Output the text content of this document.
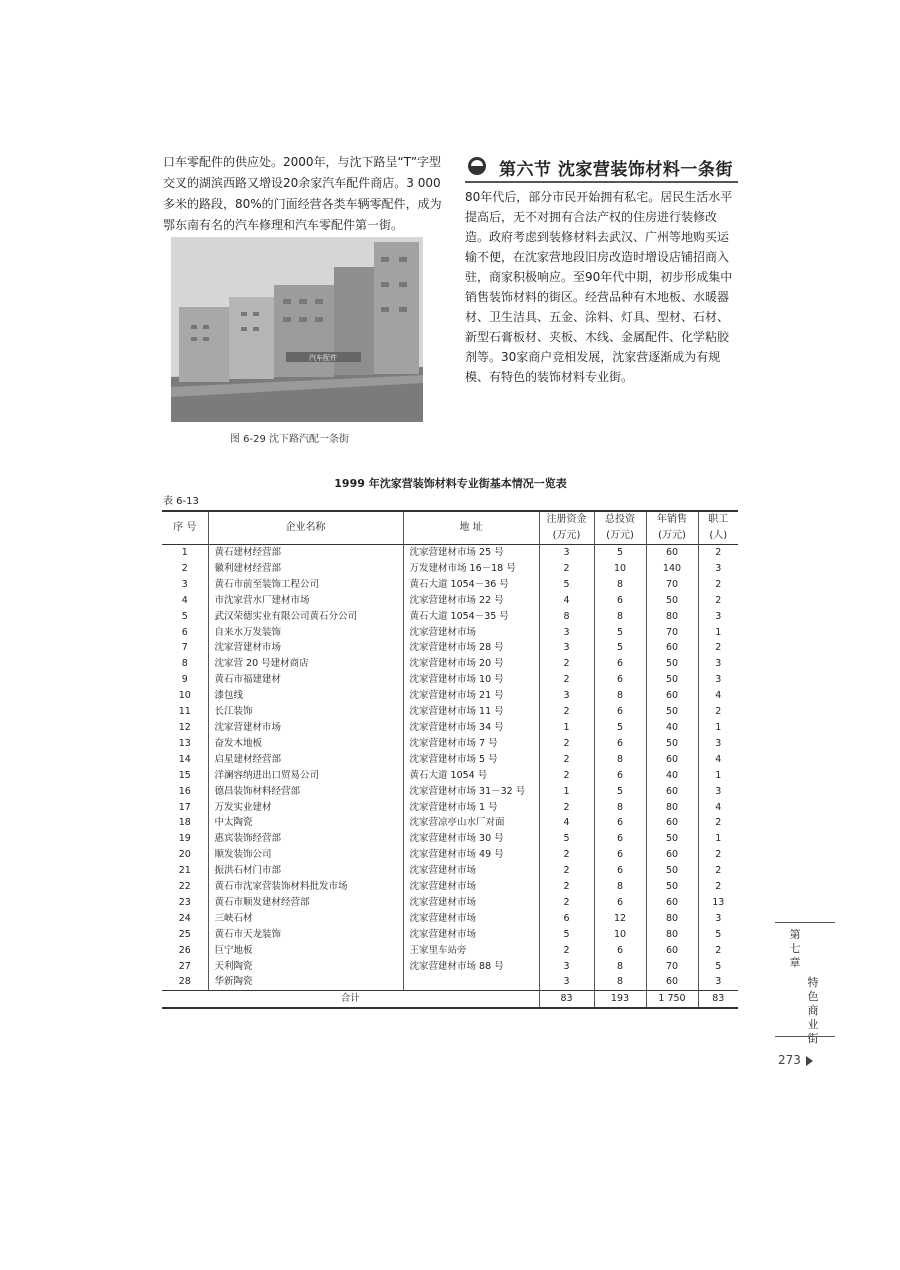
口车零配件的供应处。2000年，与沈下路呈“T”字型交叉的湖滨西路又增设20余家汽车配件商店。3 000多米的路段，80%的门面经营各类车辆零配件，成为鄂东南有名的汽车修理和汽车零配件第一街。

汽车配件
图 6-29 沈下路汽配一条街
第六节 沈家营装饰材料一条街

80年代后，部分市民开始拥有私宅。居民生活水平提高后，无不对拥有合法产权的住房进行装修改造。政府考虑到装修材料去武汉、广州等地购买运输不便，在沈家营地段旧房改造时增设店铺招商入驻，商家积极响应。至90年代中期，初步形成集中销售装饰材料的街区。经营品种有木地板、水暖器材、卫生洁具、五金、涂料、灯具、型材、石材、新型石膏板材、夹板、木线、金属配件、化学粘胶剂等。30家商户竞相发展，沈家营逐渐成为有规模、有特色的装饰材料专业街。

1999 年沈家营装饰材料专业街基本情况一览表
表 6-13
序 号	企业名称	地 址	注册资金	总投资	年销售	职工
			(万元)	(万元)	(万元)	(人)
1	黄石建材经营部	沈家营建材市场 25 号	3	5	60	2
2	徽利建材经营部	万发建材市场 16－18 号	2	10	140	3
3	黄石市前至装饰工程公司	黄石大道 1054－36 号	5	8	70	2
4	市沈家营水厂建材市场	沈家营建材市场 22 号	4	6	50	2
5	武汉荣德实业有限公司黄石分公司	黄石大道 1054－35 号	8	8	80	3
6	自来水万发装饰	沈家营建材市场	3	5	70	1
7	沈家营建材市场	沈家营建材市场 28 号	3	5	60	2
8	沈家营 20 号建材商店	沈家营建材市场 20 号	2	6	50	3
9	黄石市福建建材	沈家营建材市场 10 号	2	6	50	3
10	漆包线	沈家营建材市场 21 号	3	8	60	4
11	长江装饰	沈家营建材市场 11 号	2	6	50	2
12	沈家营建材市场	沈家营建材市场 34 号	1	5	40	1
13	奋发木地板	沈家营建材市场 7 号	2	6	50	3
14	启星建材经营部	沈家营建材市场 5 号	2	8	60	4
15	洋澜容纳进出口贸易公司	黄石大道 1054 号	2	6	40	1
16	德昌装饰材料经营部	沈家营建材市场 31－32 号	1	5	60	3
17	万发实业建材	沈家营建材市场 1 号	2	8	80	4
18	中太陶瓷	沈家营凉亭山水厂对面	4	6	60	2
19	惠宾装饰经营部	沈家营建材市场 30 号	5	6	50	1
20	顺发装饰公司	沈家营建材市场 49 号	2	6	60	2
21	振洪石材门市部	沈家营建材市场	2	6	50	2
22	黄石市沈家营装饰材料批发市场	沈家营建材市场	2	8	50	2
23	黄石市顺发建材经营部	沈家营建材市场	2	6	60	13
24	三峡石材	沈家营建材市场	6	12	80	3
25	黄石市天龙装饰	沈家营建材市场	5	10	80	5
26	巨宁地板	王家里车站旁	2	6	60	2
27	天利陶瓷	沈家营建材市场 88 号	3	8	70	5
28	华新陶瓷		3	8	60	3
合计			83	193	1 750	83
第七章
特色商业街
273
